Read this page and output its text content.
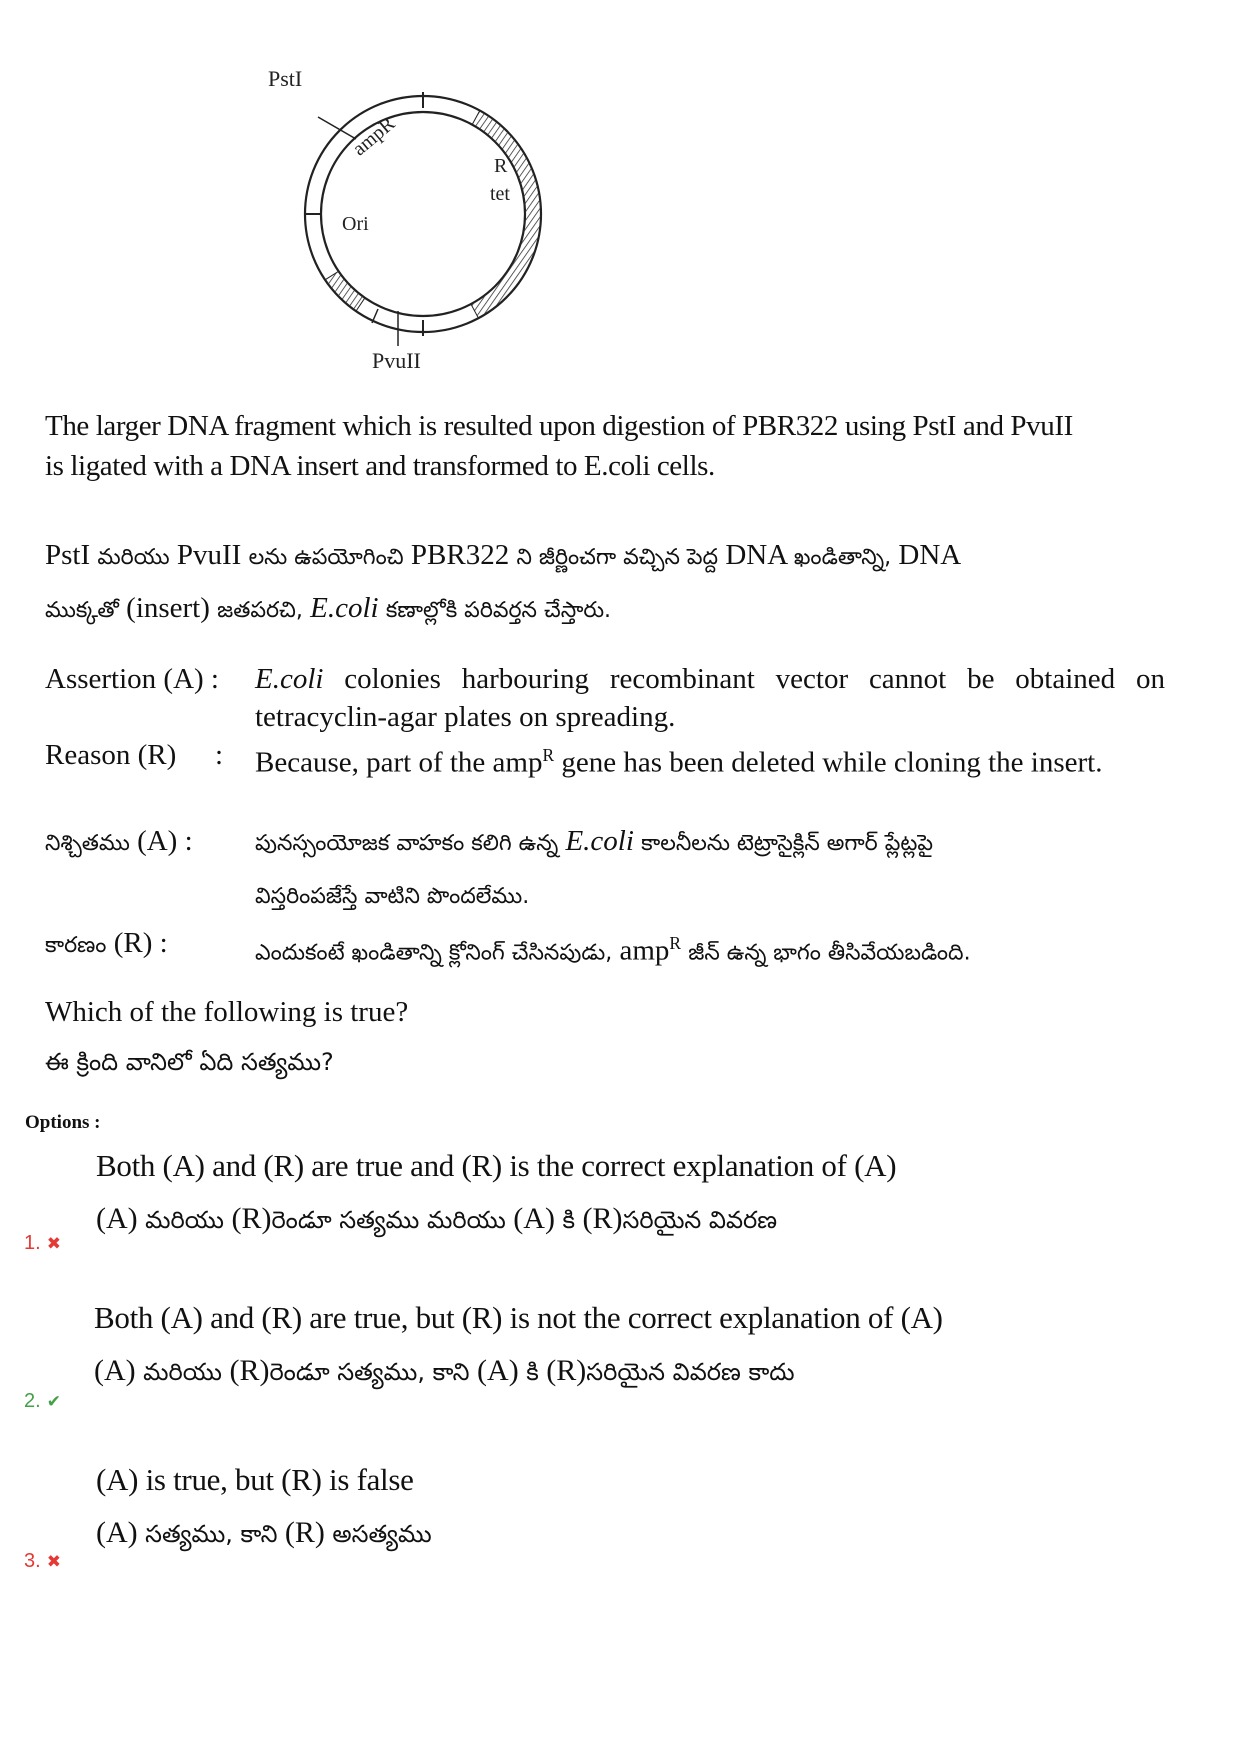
PstI
ampR
R
tet
Ori
PvuII
The larger DNA fragment which is resulted upon digestion of PBR322 using PstI and PvuII
is ligated with a DNA insert and transformed to E.coli cells.
PstI మరియు PvuII లను ఉపయోగించి PBR322 ని జీర్ణించగా వచ్చిన పెద్ద DNA ఖండితాన్ని, DNA
ముక్కతో (insert) జతపరచి, E.coli కణాల్లోకి పరివర్తన చేస్తారు.
Assertion (A) : E.coli colonies harbouring recombinant vector cannot be obtained on tetracyclin-agar plates on spreading.
Reason (R) : Because, part of the amp$^R$ gene has been deleted while cloning the insert.
నిశ్చితము (A) :	పునస్సంయోజక వాహకం కలిగి ఉన్న E.coli కాలనీలను టెట్రాసైక్లిన్ అగార్ ప్లేట్లపై
విస్తరింపజేస్తే వాటిని పొందలేము.
కారణం (R) :	ఎందుకంటే ఖండితాన్ని క్లోనింగ్ చేసినపుడు, amp$^R$ జీన్ ఉన్న భాగం తీసివేయబడింది.
Which of the following is true?
ఈ క్రింది వానిలో ఏది సత్యము?
Options :
Both (A) and (R) are true and (R) is the correct explanation of (A)
(A) మరియు (R)రెండూ సత్యము మరియు (A) కి (R)సరియైన వివరణ
1. ✖
Both (A) and (R) are true, but (R) is not the correct explanation of (A)
(A) మరియు (R)రెండూ సత్యము, కాని (A) కి (R)సరియైన వివరణ కాదు
2. ✔
(A) is true, but (R) is false
(A) సత్యము, కాని (R) అసత్యము
3. ✖
